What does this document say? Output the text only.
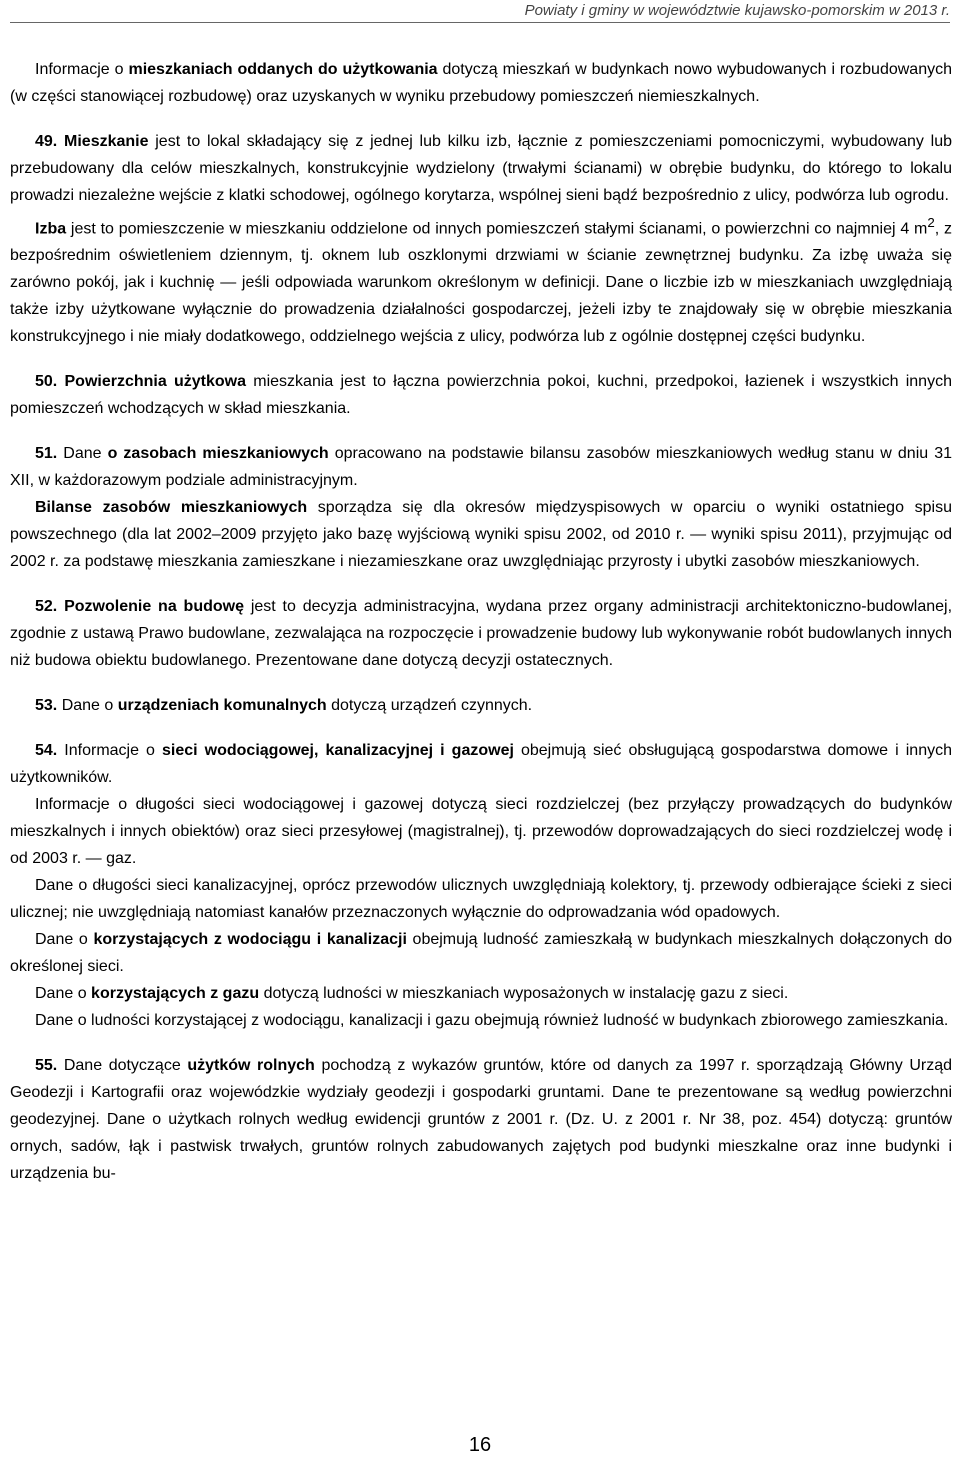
Powiaty i gminy w województwie kujawsko-pomorskim w 2013 r.

Informacje o mieszkaniach oddanych do użytkowania dotyczą mieszkań w budynkach nowo wybudowanych i rozbudowanych (w części stanowiącej rozbudowę) oraz uzyskanych w wyniku przebudowy pomieszczeń niemieszkalnych.

49. Mieszkanie jest to lokal składający się z jednej lub kilku izb, łącznie z pomieszczeniami pomocniczymi, wybudowany lub przebudowany dla celów mieszkalnych, konstrukcyjnie wydzielony (trwałymi ścianami) w obrębie budynku, do którego to lokalu prowadzi niezależne wejście z klatki schodowej, ogólnego korytarza, wspólnej sieni bądź bezpośrednio z ulicy, podwórza lub ogrodu.

Izba jest to pomieszczenie w mieszkaniu oddzielone od innych pomieszczeń stałymi ścianami, o powierzchni co najmniej 4 $m^2$, z bezpośrednim oświetleniem dziennym, tj. oknem lub oszklonymi drzwiami w ścianie zewnętrznej budynku. Za izbę uważa się zarówno pokój, jak i kuchnię — jeśli odpowiada warunkom określonym w definicji. Dane o liczbie izb w mieszkaniach uwzględniają także izby użytkowane wyłącznie do prowadzenia działalności gospodarczej, jeżeli izby te znajdowały się w obrębie mieszkania konstrukcyjnego i nie miały dodatkowego, oddzielnego wejścia z ulicy, podwórza lub z ogólnie dostępnej części budynku.

50. Powierzchnia użytkowa mieszkania jest to łączna powierzchnia pokoi, kuchni, przedpokoi, łazienek i wszystkich innych pomieszczeń wchodzących w skład mieszkania.

51. Dane o zasobach mieszkaniowych opracowano na podstawie bilansu zasobów mieszkaniowych według stanu w dniu 31 XII, w każdorazowym podziale administracyjnym.

Bilanse zasobów mieszkaniowych sporządza się dla okresów międzyspisowych w oparciu o wyniki ostatniego spisu powszechnego (dla lat 2002–2009 przyjęto jako bazę wyjściową wyniki spisu 2002, od 2010 r. — wyniki spisu 2011), przyjmując od 2002 r. za podstawę mieszkania zamieszkane i niezamieszkane oraz uwzględniając przyrosty i ubytki zasobów mieszkaniowych.

52. Pozwolenie na budowę jest to decyzja administracyjna, wydana przez organy administracji architektoniczno-budowlanej, zgodnie z ustawą Prawo budowlane, zezwalająca na rozpoczęcie i prowadzenie budowy lub wykonywanie robót budowlanych innych niż budowa obiektu budowlanego. Prezentowane dane dotyczą decyzji ostatecznych.

53. Dane o urządzeniach komunalnych dotyczą urządzeń czynnych.

54. Informacje o sieci wodociągowej, kanalizacyjnej i gazowej obejmują sieć obsługującą gospodarstwa domowe i innych użytkowników.

Informacje o długości sieci wodociągowej i gazowej dotyczą sieci rozdzielczej (bez przyłączy prowadzących do budynków mieszkalnych i innych obiektów) oraz sieci przesyłowej (magistralnej), tj. przewodów doprowadzających do sieci rozdzielczej wodę i od 2003 r. — gaz.

Dane o długości sieci kanalizacyjnej, oprócz przewodów ulicznych uwzględniają kolektory, tj. przewody odbierające ścieki z sieci ulicznej; nie uwzględniają natomiast kanałów przeznaczonych wyłącznie do odprowadzania wód opadowych.

Dane o korzystających z wodociągu i kanalizacji obejmują ludność zamieszkałą w budynkach mieszkalnych dołączonych do określonej sieci.

Dane o korzystających z gazu dotyczą ludności w mieszkaniach wyposażonych w instalację gazu z sieci.

Dane o ludności korzystającej z wodociągu, kanalizacji i gazu obejmują również ludność w budynkach zbiorowego zamieszkania.

55. Dane dotyczące użytków rolnych pochodzą z wykazów gruntów, które od danych za 1997 r. sporządzają Główny Urząd Geodezji i Kartografii oraz wojewódzkie wydziały geodezji i gospodarki gruntami. Dane te prezentowane są według powierzchni geodezyjnej. Dane o użytkach rolnych według ewidencji gruntów z 2001 r. (Dz. U. z 2001 r. Nr 38, poz. 454) dotyczą: gruntów ornych, sadów, łąk i pastwisk trwałych, gruntów rolnych zabudowanych zajętych pod budynki mieszkalne oraz inne budynki i urządzenia bu-

16
